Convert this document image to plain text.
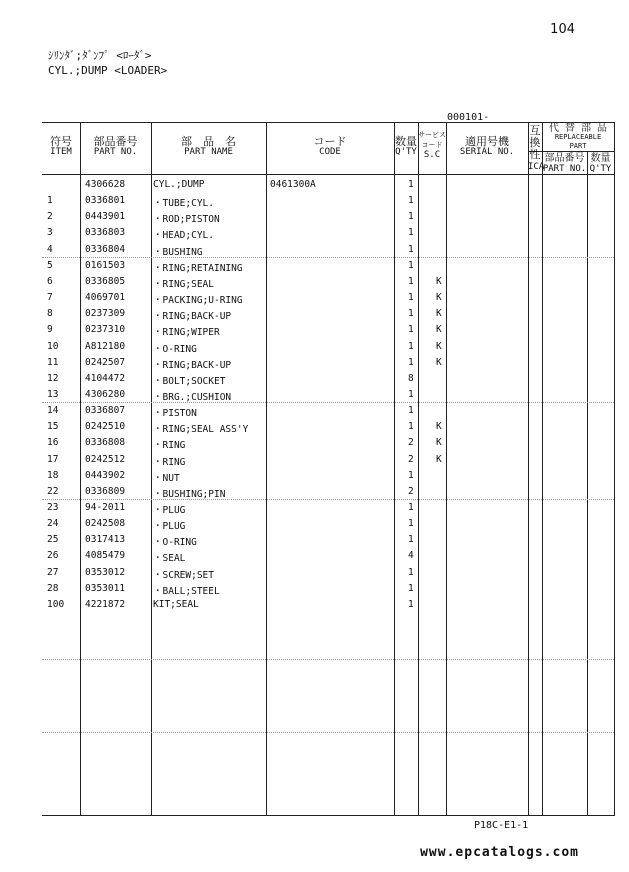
104
ｼﾘﾝﾀﾞ;ﾀﾞﾝﾌﾟ <ﾛｰﾀﾞ>
CYL.;DUMP <LOADER>
000101-
符号
ITEM
部品番号
PART NO.
部　品　名
PART NAME
コード
CODE
数量
Q'TY
サービス
コード
S.C
適用号機
SERIAL NO.
互
換
性
ICA
代 替 部 品
REPLACEABLE
PART
部品番号
PART NO.
数量
Q'TY
4306628	CYL.;DUMP	0461300A	1
1	0336801	・TUBE;CYL.	1
2	0443901	・ROD;PISTON	1
3	0336803	・HEAD;CYL.	1
4	0336804	・BUSHING	1
5	0161503	・RING;RETAINING	1
6	0336805	・RING;SEAL	1 K
7	4069701	・PACKING;U-RING	1 K
8	0237309	・RING;BACK-UP	1 K
9	0237310	・RING;WIPER	1 K
10	A812180	・O-RING	1 K
11	0242507	・RING;BACK-UP	1 K
12	4104472	・BOLT;SOCKET	8
13	4306280	・BRG.;CUSHION	1
14	0336807	・PISTON	1
15	0242510	・RING;SEAL ASS'Y	1 K
16	0336808	・RING	2 K
17	0242512	・RING	2 K
18	0443902	・NUT	1
22	0336809	・BUSHING;PIN	2
23	94-2011	・PLUG	1
24	0242508	・PLUG	1
25	0317413	・O-RING	1
26	4085479	・SEAL	4
27	0353012	・SCREW;SET	1
28	0353011	・BALL;STEEL	1
100 4221872	KIT;SEAL	1
P18C-E1-1
www.epcatalogs.com
